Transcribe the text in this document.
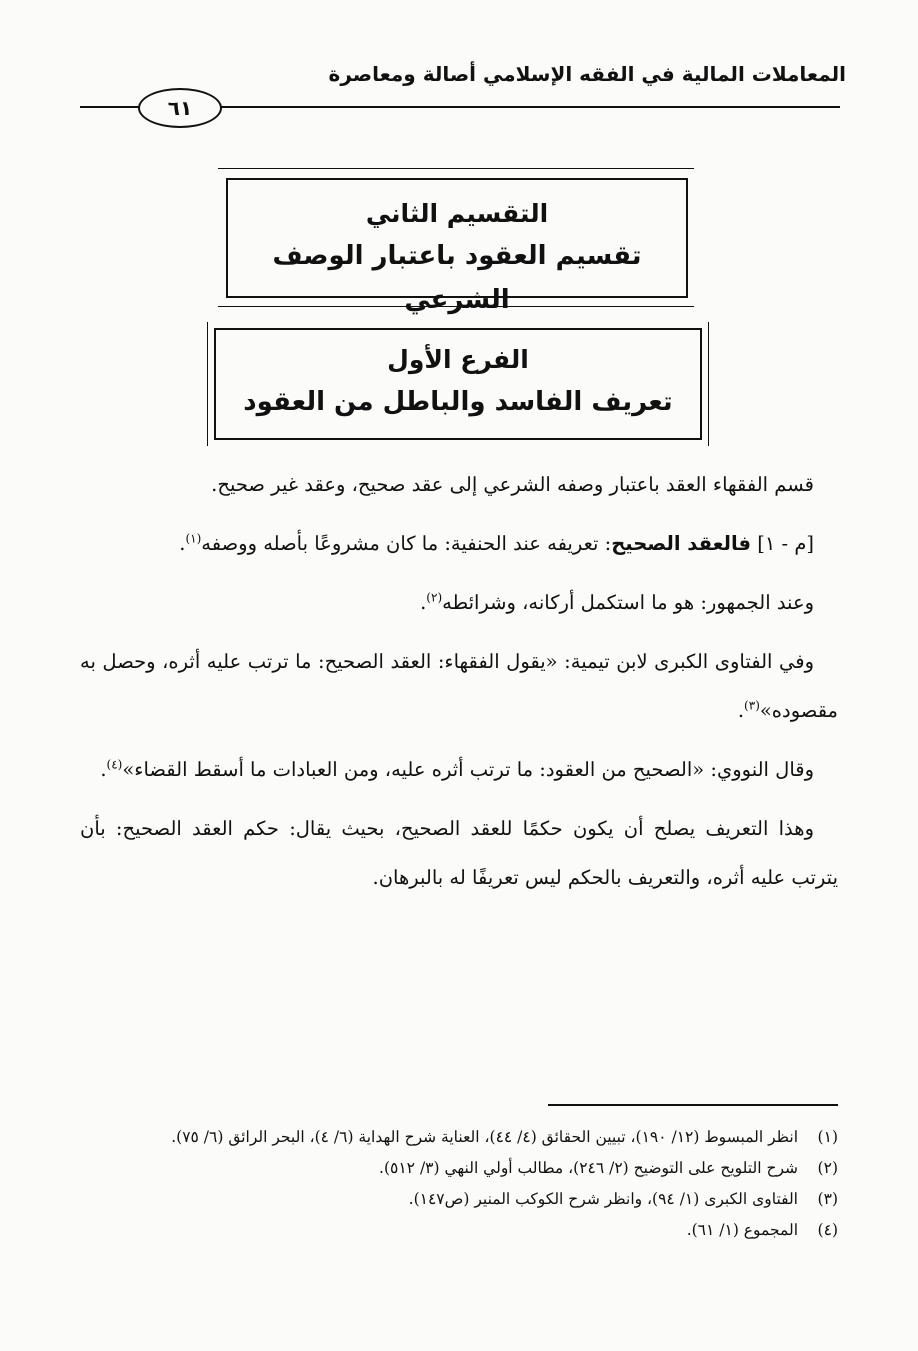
المعاملات المالية في الفقه الإسلامي أصالة ومعاصرة
٦١
التقسيم الثاني
تقسيم العقود باعتبار الوصف الشرعي
الفرع الأول
تعريف الفاسد والباطل من العقود

قسم الفقهاء العقد باعتبار وصفه الشرعي إلى عقد صحيح، وعقد غير صحيح.

[م - ١] فالعقد الصحيح: تعريفه عند الحنفية: ما كان مشروعًا بأصله ووصفه$^{(١)}$.

وعند الجمهور: هو ما استكمل أركانه، وشرائطه$^{(٢)}$.

وفي الفتاوى الكبرى لابن تيمية: «يقول الفقهاء: العقد الصحيح: ما ترتب عليه أثره، وحصل به مقصوده»$^{(٣)}$.

وقال النووي: «الصحيح من العقود: ما ترتب أثره عليه، ومن العبادات ما أسقط القضاء»$^{(٤)}$.

وهذا التعريف يصلح أن يكون حكمًا للعقد الصحيح، بحيث يقال: حكم العقد الصحيح: بأن يترتب عليه أثره، والتعريف بالحكم ليس تعريفًا له بالبرهان.

(١)
انظر المبسوط (١٢/ ١٩٠)، تبيين الحقائق (٤/ ٤٤)، العناية شرح الهداية (٦/ ٤)، البحر الرائق (٦/ ٧٥).

(٢)
شرح التلويح على التوضيح (٢/ ٢٤٦)، مطالب أولي النهي (٣/ ٥١٢).

(٣)
الفتاوى الكبرى (١/ ٩٤)، وانظر شرح الكوكب المنير (ص١٤٧).

(٤)
المجموع (١/ ٦١).
